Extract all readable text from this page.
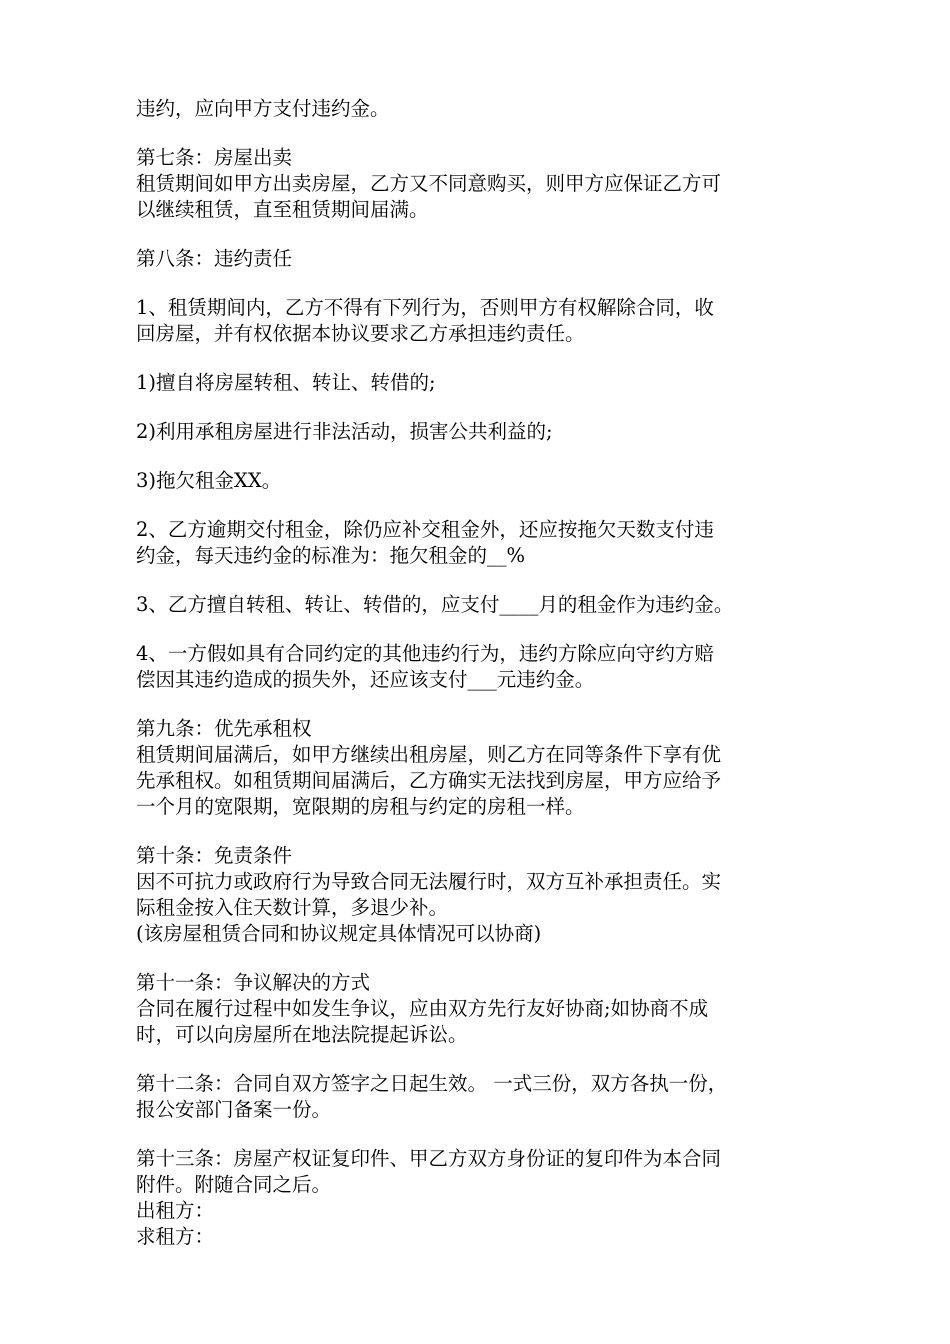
违约，应向甲方支付违约金。
第七条：房屋出卖
租赁期间如甲方出卖房屋，乙方又不同意购买，则甲方应保证乙方可
以继续租赁，直至租赁期间届满。
第八条：违约责任
1、租赁期间内，乙方不得有下列行为，否则甲方有权解除合同，收
回房屋，并有权依据本协议要求乙方承担违约责任。
1)擅自将房屋转租、转让、转借的;
2)利用承租房屋进行非法活动，损害公共利益的;
3)拖欠租金XX。
2、乙方逾期交付租金，除仍应补交租金外，还应按拖欠天数支付违
约金，每天违约金的标准为：拖欠租金的__%
3、乙方擅自转租、转让、转借的，应支付____月的租金作为违约金。
4、一方假如具有合同约定的其他违约行为，违约方除应向守约方赔
偿因其违约造成的损失外，还应该支付___元违约金。
第九条：优先承租权
租赁期间届满后，如甲方继续出租房屋，则乙方在同等条件下享有优
先承租权。如租赁期间届满后，乙方确实无法找到房屋，甲方应给予
一个月的宽限期，宽限期的房租与约定的房租一样。
第十条：免责条件
因不可抗力或政府行为导致合同无法履行时，双方互补承担责任。实
际租金按入住天数计算，多退少补。
(该房屋租赁合同和协议规定具体情况可以协商)
第十一条：争议解决的方式
合同在履行过程中如发生争议，应由双方先行友好协商;如协商不成
时，可以向房屋所在地法院提起诉讼。
第十二条：合同自双方签字之日起生效。 一式三份，双方各执一份，
报公安部门备案一份。
第十三条：房屋产权证复印件、甲乙方双方身份证的复印件为本合同
附件。附随合同之后。
出租方：
求租方：
